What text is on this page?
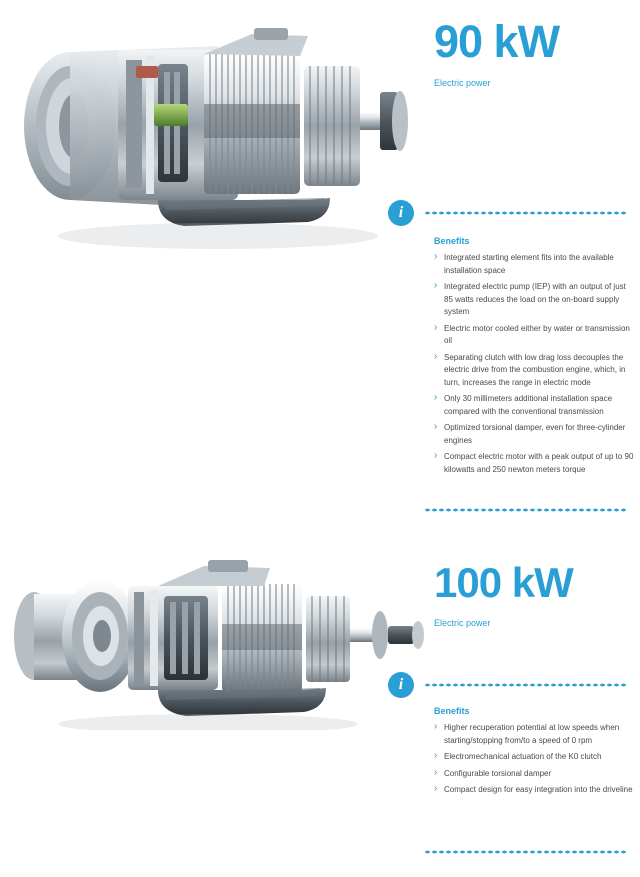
90 kW
Electric power
i
Benefits
› Integrated starting element fits into the available installation space
› Integrated electric pump (IEP) with an output of just 85 watts reduces the load on the on-board supply system
› Electric motor cooled either by water or transmission oil
› Separating clutch with low drag loss decouples the electric drive from the combustion engine, which, in turn, increases the range in electric mode
› Only 30 millimeters additional installation space compared with the conventional transmission
› Optimized torsional damper, even for three-cylinder engines
› Compact electric motor with a peak output of up to 90 kilowatts and 250 newton meters torque
100 kW
Electric power
i
Benefits
› Higher recuperation potential at low speeds when starting/stopping from/to a speed of 0 rpm
› Electromechanical actuation of the K0 clutch
› Configurable torsional damper
› Compact design for easy integration into the driveline
